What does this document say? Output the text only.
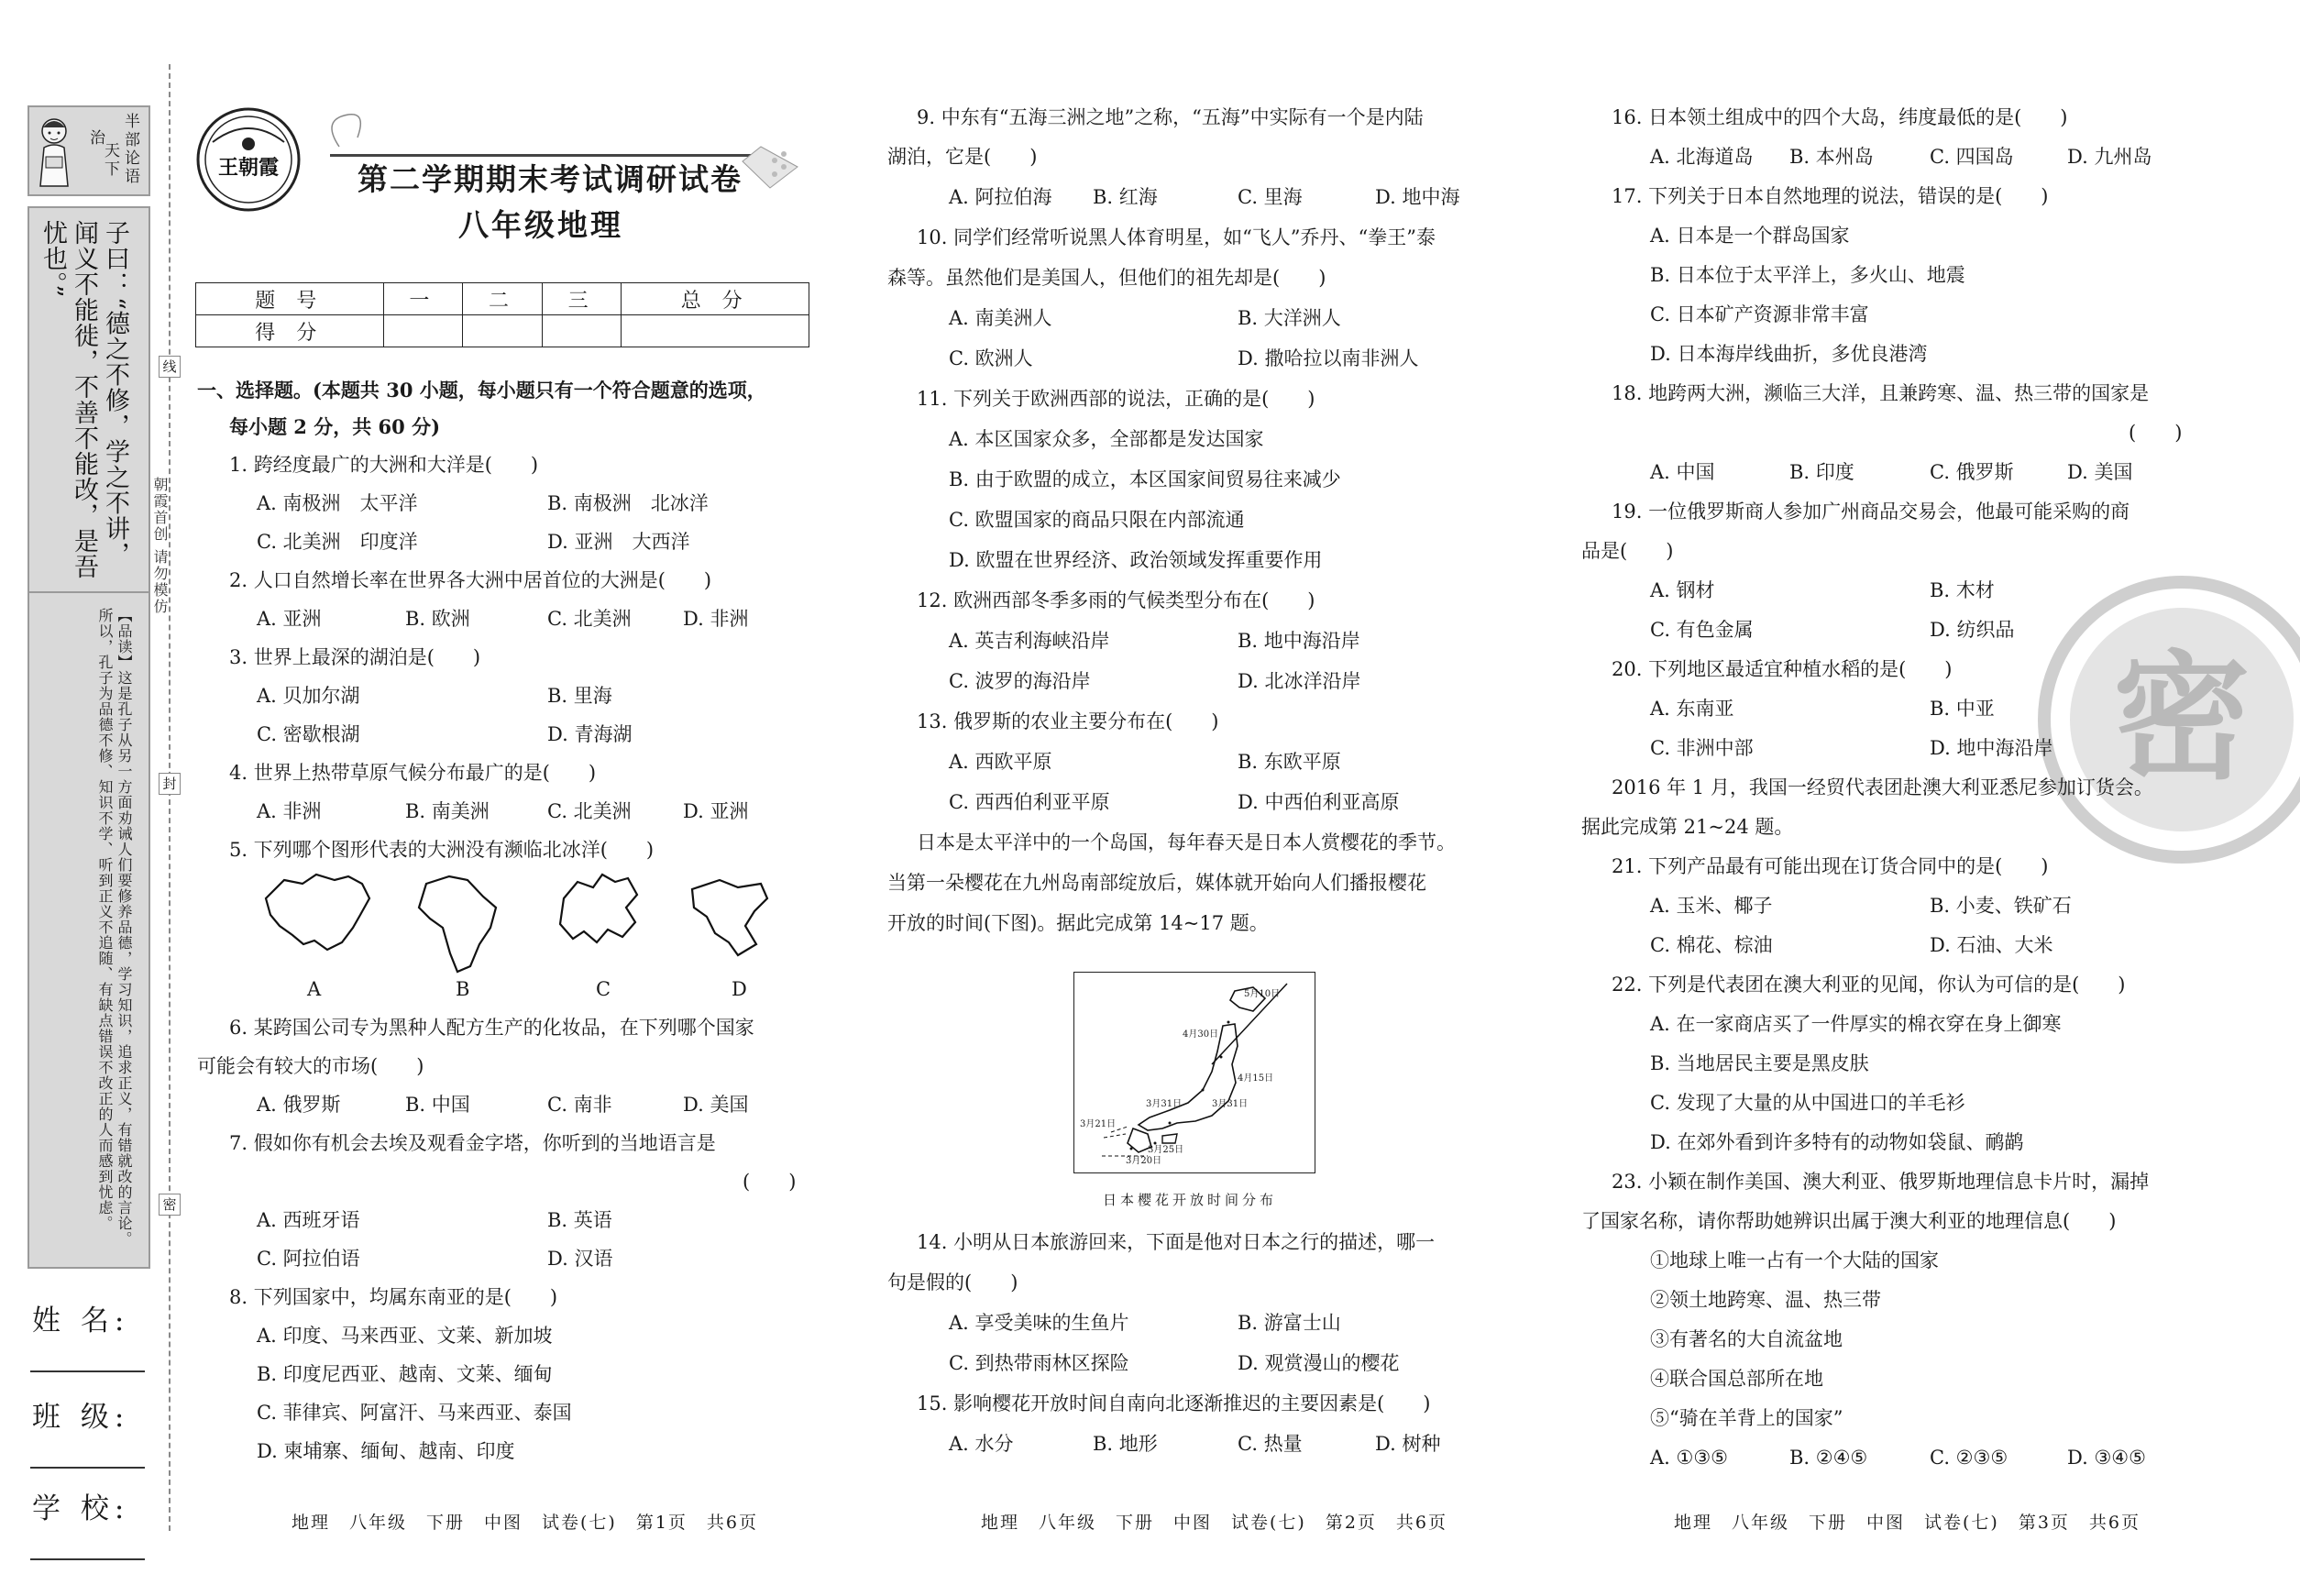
半
部
论
语
治
天
下
子曰：“德之不修，学之不讲，闻义不能徙，不善不能改，是吾忧也。”
【品读】这是孔子从另一方面劝诫人们要修养品德，学习知识，追求正义，有错就改的言论。所以，孔子为品德不修、知识不学、听到正义不追随、有缺点错误不改正的人而感到忧虑。
姓 名:
班 级:
学 校:
线
封
密
朝霞首创 请勿模仿
王朝霞	第二学期期末考试调研试卷
八年级地理
题 号	一	二	三	总 分
得 分				
一、选择题。(本题共 30 小题，每小题只有一个符合题意的选项，
每小题 2 分，共 60 分)
1. 跨经度最广的大洲和大洋是(　　)
A. 南极洲　太平洋	B. 南极洲　北冰洋
C. 北美洲　印度洋	D. 亚洲　大西洋
2. 人口自然增长率在世界各大洲中居首位的大洲是(　　)
A. 亚洲	B. 欧洲	C. 北美洲	D. 非洲
3. 世界上最深的湖泊是(　　)
A. 贝加尔湖	B. 里海
C. 密歇根湖	D. 青海湖
4. 世界上热带草原气候分布最广的是(　　)
A. 非洲	B. 南美洲	C. 北美洲	D. 亚洲
5. 下列哪个图形代表的大洲没有濒临北冰洋(　　)
A	B	C	D
6. 某跨国公司专为黑种人配方生产的化妆品，在下列哪个国家
可能会有较大的市场(　　)
A. 俄罗斯	B. 中国	C. 南非	D. 美国
7. 假如你有机会去埃及观看金字塔，你听到的当地语言是
(　　)
A. 西班牙语	B. 英语
C. 阿拉伯语	D. 汉语
8. 下列国家中，均属东南亚的是(　　)
A. 印度、马来西亚、文莱、新加坡
B. 印度尼西亚、越南、文莱、缅甸
C. 菲律宾、阿富汗、马来西亚、泰国
D. 柬埔寨、缅甸、越南、印度
地理　八年级　下册　中图　试卷(七)　第1页　共6页
9. 中东有“五海三洲之地”之称，“五海”中实际有一个是内陆
湖泊，它是(　　)
A. 阿拉伯海 B. 红海	C. 里海	D. 地中海
10. 同学们经常听说黑人体育明星，如“飞人”乔丹、“拳王”泰
森等。虽然他们是美国人，但他们的祖先却是(　　)
A. 南美洲人	B. 大洋洲人
C. 欧洲人	D. 撒哈拉以南非洲人
11. 下列关于欧洲西部的说法，正确的是(　　)
A. 本区国家众多，全部都是发达国家
B. 由于欧盟的成立，本区国家间贸易往来减少
C. 欧盟国家的商品只限在内部流通
D. 欧盟在世界经济、政治领域发挥重要作用
12. 欧洲西部冬季多雨的气候类型分布在(　　)
A. 英吉利海峡沿岸	B. 地中海沿岸
C. 波罗的海沿岸	D. 北冰洋沿岸
13. 俄罗斯的农业主要分布在(　　)
A. 西欧平原	B. 东欧平原
C. 西西伯利亚平原	D. 中西伯利亚高原
日本是太平洋中的一个岛国，每年春天是日本人赏樱花的季节。
当第一朵樱花在九州岛南部绽放后，媒体就开始向人们播报樱花
开放的时间(下图)。据此完成第 14~17 题。
5月10日
4月30日
4月15日
3月31日	3月31日
3月21日
3月25日
3月20日
日本樱花开放时间分布
14. 小明从日本旅游回来，下面是他对日本之行的描述，哪一
句是假的(　　)
A. 享受美味的生鱼片	B. 游富士山
C. 到热带雨林区探险	D. 观赏漫山的樱花
15. 影响樱花开放时间自南向北逐渐推迟的主要因素是(　　)
A. 水分	B. 地形	C. 热量	D. 树种
地理　八年级　下册　中图　试卷(七)　第2页　共6页
密
16. 日本领土组成中的四个大岛，纬度最低的是(　　)
A. 北海道岛 B. 本州岛	C. 四国岛	D. 九州岛
17. 下列关于日本自然地理的说法，错误的是(　　)
A. 日本是一个群岛国家
B. 日本位于太平洋上，多火山、地震
C. 日本矿产资源非常丰富
D. 日本海岸线曲折，多优良港湾
18. 地跨两大洲，濒临三大洋，且兼跨寒、温、热三带的国家是
(　　)
A. 中国	B. 印度	C. 俄罗斯	D. 美国
19. 一位俄罗斯商人参加广州商品交易会，他最可能采购的商
品是(　　)
A. 钢材	B. 木材
C. 有色金属	D. 纺织品
20. 下列地区最适宜种植水稻的是(　　)
A. 东南亚	B. 中亚
C. 非洲中部	D. 地中海沿岸
2016 年 1 月，我国一经贸代表团赴澳大利亚悉尼参加订货会。
据此完成第 21~24 题。
21. 下列产品最有可能出现在订货合同中的是(　　)
A. 玉米、椰子	B. 小麦、铁矿石
C. 棉花、棕油	D. 石油、大米
22. 下列是代表团在澳大利亚的见闻，你认为可信的是(　　)
A. 在一家商店买了一件厚实的棉衣穿在身上御寒
B. 当地居民主要是黑皮肤
C. 发现了大量的从中国进口的羊毛衫
D. 在郊外看到许多特有的动物如袋鼠、鸸鹋
23. 小颖在制作美国、澳大利亚、俄罗斯地理信息卡片时，漏掉
了国家名称，请你帮助她辨识出属于澳大利亚的地理信息(　　)
①地球上唯一占有一个大陆的国家
②领土地跨寒、温、热三带
③有著名的大自流盆地
④联合国总部所在地
⑤“骑在羊背上的国家”
A. ①③⑤	B. ②④⑤	C. ②③⑤	D. ③④⑤
地理　八年级　下册　中图　试卷(七)　第3页　共6页
